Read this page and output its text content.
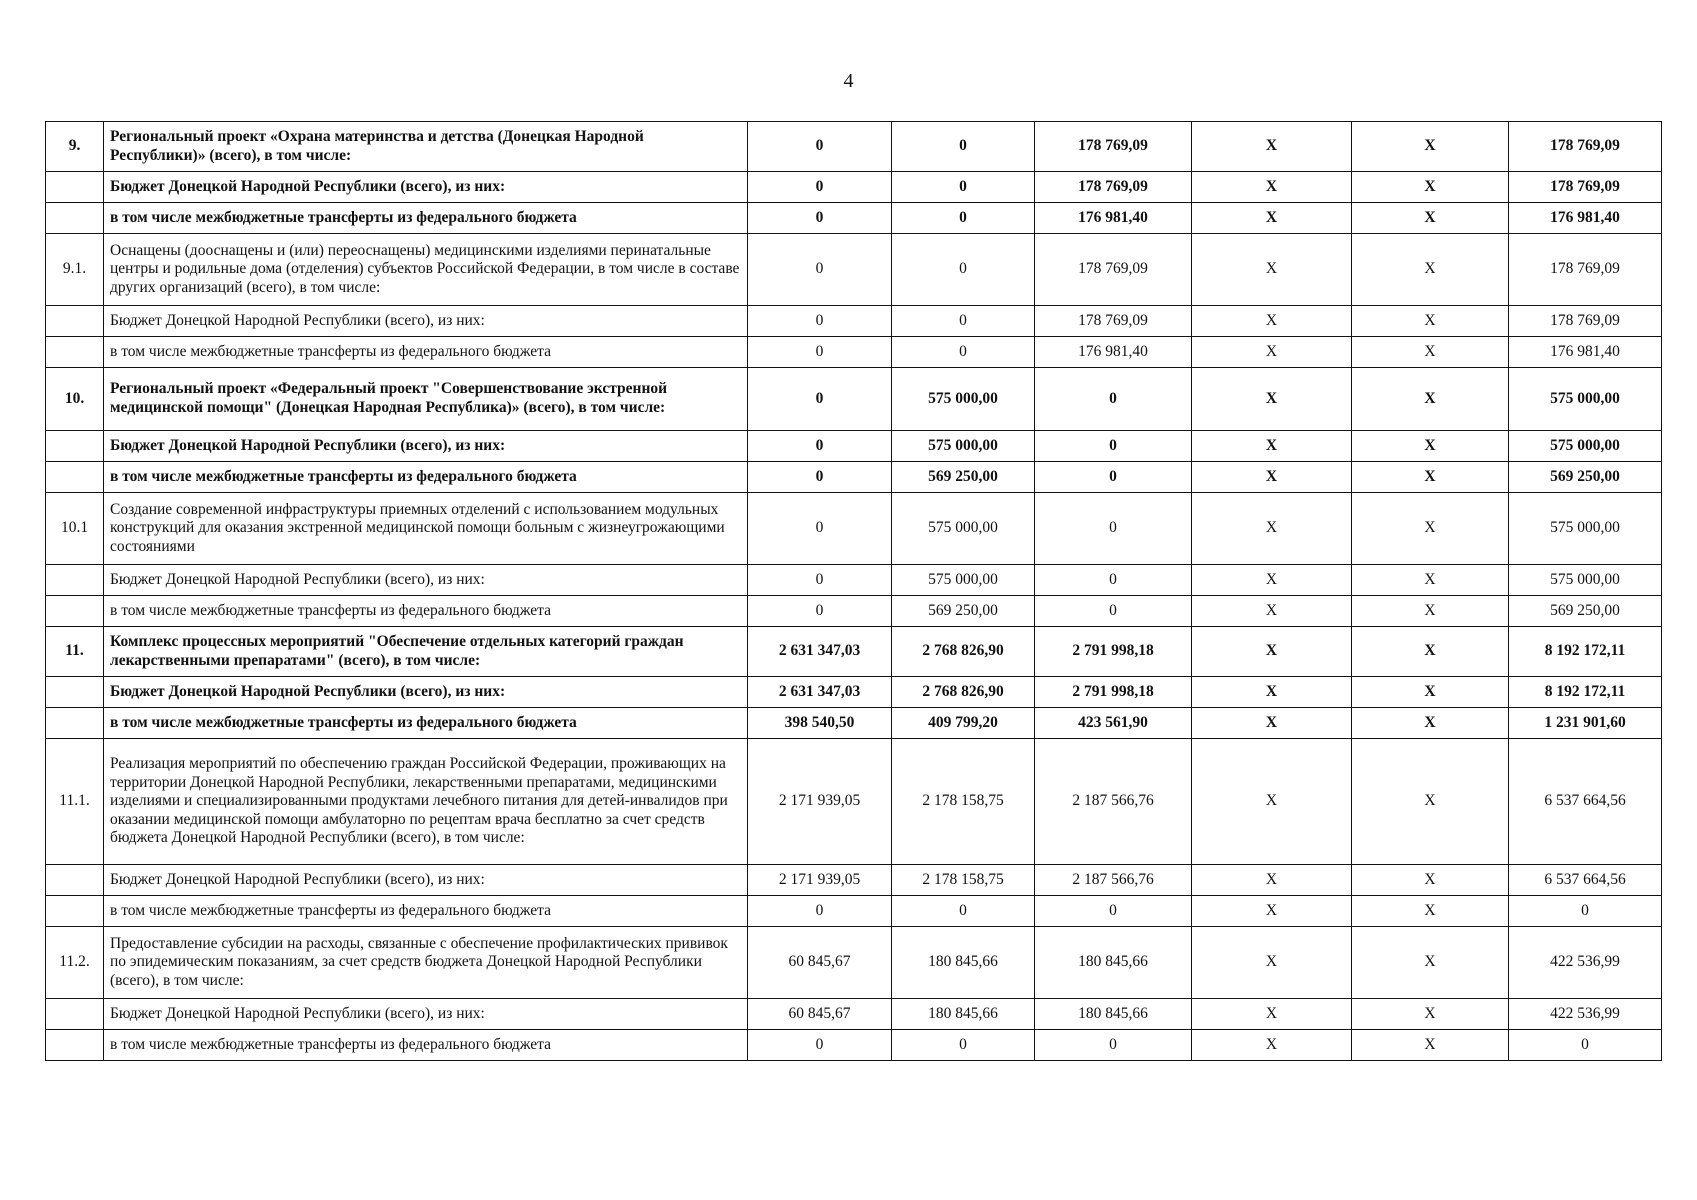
4
9.	Региональный проект «Охрана материнства и детства (Донецкая Народной Республики)» (всего), в том числе:	0	0	178 769,09	X	X	178 769,09
	Бюджет Донецкой Народной Республики (всего), из них:	0	0	178 769,09	X	X	178 769,09
	в том числе межбюджетные трансферты из федерального бюджета	0	0	176 981,40	X	X	176 981,40
9.1.	Оснащены (дооснащены и (или) переоснащены) медицинскими изделиями перинатальные центры и родильные дома (отделения) субъектов Российской Федерации, в том числе в составе других организаций (всего), в том числе:	0	0	178 769,09	X	X	178 769,09
	Бюджет Донецкой Народной Республики (всего), из них:	0	0	178 769,09	X	X	178 769,09
	в том числе межбюджетные трансферты из федерального бюджета	0	0	176 981,40	X	X	176 981,40
10.	Региональный проект «Федеральный проект "Совершенствование экстренной медицинской помощи" (Донецкая Народная Республика)» (всего), в том числе:	0	575 000,00	0	X	X	575 000,00
	Бюджет Донецкой Народной Республики (всего), из них:	0	575 000,00	0	X	X	575 000,00
	в том числе межбюджетные трансферты из федерального бюджета	0	569 250,00	0	X	X	569 250,00
10.1	Создание современной инфраструктуры приемных отделений с использованием модульных конструкций для оказания экстренной медицинской помощи больным с жизнеугрожающими состояниями	0	575 000,00	0	X	X	575 000,00
	Бюджет Донецкой Народной Республики (всего), из них:	0	575 000,00	0	X	X	575 000,00
	в том числе межбюджетные трансферты из федерального бюджета	0	569 250,00	0	X	X	569 250,00
11.	Комплекс процессных мероприятий "Обеспечение отдельных категорий граждан лекарственными препаратами" (всего), в том числе:	2 631 347,03	2 768 826,90	2 791 998,18	X	X	8 192 172,11
	Бюджет Донецкой Народной Республики (всего), из них:	2 631 347,03	2 768 826,90	2 791 998,18	X	X	8 192 172,11
	в том числе межбюджетные трансферты из федерального бюджета	398 540,50	409 799,20	423 561,90	X	X	1 231 901,60
11.1.	Реализация мероприятий по обеспечению граждан Российской Федерации, проживающих на территории Донецкой Народной Республики, лекарственными препаратами, медицинскими изделиями и специализированными продуктами лечебного питания для детей-инвалидов при оказании медицинской помощи амбулаторно по рецептам врача бесплатно за счет средств бюджета Донецкой Народной Республики (всего), в том числе:	2 171 939,05	2 178 158,75	2 187 566,76	X	X	6 537 664,56
	Бюджет Донецкой Народной Республики (всего), из них:	2 171 939,05	2 178 158,75	2 187 566,76	X	X	6 537 664,56
	в том числе межбюджетные трансферты из федерального бюджета	0	0	0	X	X	0
11.2.	Предоставление субсидии на расходы, связанные с обеспечение профилактических прививок по эпидемическим показаниям, за счет средств бюджета Донецкой Народной Республики (всего), в том числе:	60 845,67	180 845,66	180 845,66	X	X	422 536,99
	Бюджет Донецкой Народной Республики (всего), из них:	60 845,67	180 845,66	180 845,66	X	X	422 536,99
	в том числе межбюджетные трансферты из федерального бюджета	0	0	0	X	X	0
